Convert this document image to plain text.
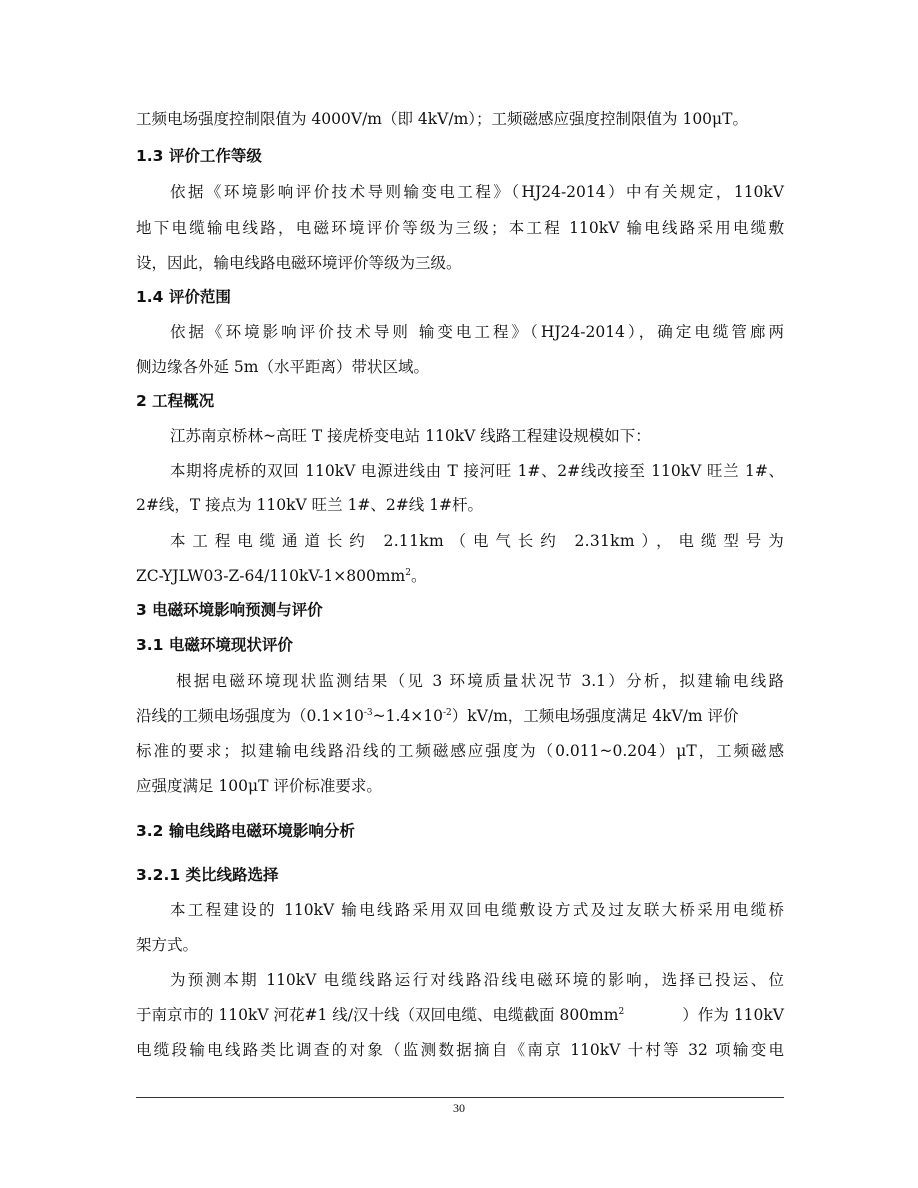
工频电场强度控制限值为 4000V/m（即 4kV/m）；工频磁感应强度控制限值为 100μT。
1.3 评价工作等级
依据《环境影响评价技术导则输变电工程》（HJ24-2014）中有关规定，110kV
地下电缆输电线路，电磁环境评价等级为三级；本工程 110kV 输电线路采用电缆敷
设，因此，输电线路电磁环境评价等级为三级。
1.4 评价范围
依据《环境影响评价技术导则 输变电工程》（HJ24-2014），确定电缆管廊两
侧边缘各外延 5m（水平距离）带状区域。
2 工程概况
江苏南京桥林~高旺 T 接虎桥变电站 110kV 线路工程建设规模如下：
本期将虎桥的双回 110kV 电源进线由 T 接河旺 1#、2#线改接至 110kV 旺兰 1#、
2#线，T 接点为 110kV 旺兰 1#、2#线 1#杆。
本工程电缆通道长约 2.11km（电气长约 2.31km），电缆型号为
$ZC-YJLW03-Z-64/110kV-1\times 800mm^2$。
3 电磁环境影响预测与评价
3.1 电磁环境现状评价
根据电磁环境现状监测结果（见 3 环境质量状况节 3.1）分析，拟建输电线路
沿线的工频电场强度为$(0.1\times 10^{-3}\sim 1.4\times 10^{-2})kV/m$，工频电场强度满足 4kV/m 评价
标准的要求；拟建输电线路沿线的工频磁感应强度为（0.011~0.204）μT，工频磁感
应强度满足 100μT 评价标准要求。
3.2 输电线路电磁环境影响分析
3.2.1 类比线路选择
本工程建设的 110kV 输电线路采用双回电缆敷设方式及过友联大桥采用电缆桥
架方式。
为预测本期 110kV 电缆线路运行对线路沿线电磁环境的影响，选择已投运、位
于南京市的 110kV 河花#1 线/汉十线（双回电缆、电缆截面 $800mm^2$	）作为 110kV
电缆段输电线路类比调查的对象（监测数据摘自《南京 110kV 十村等 32 项输变电
30
